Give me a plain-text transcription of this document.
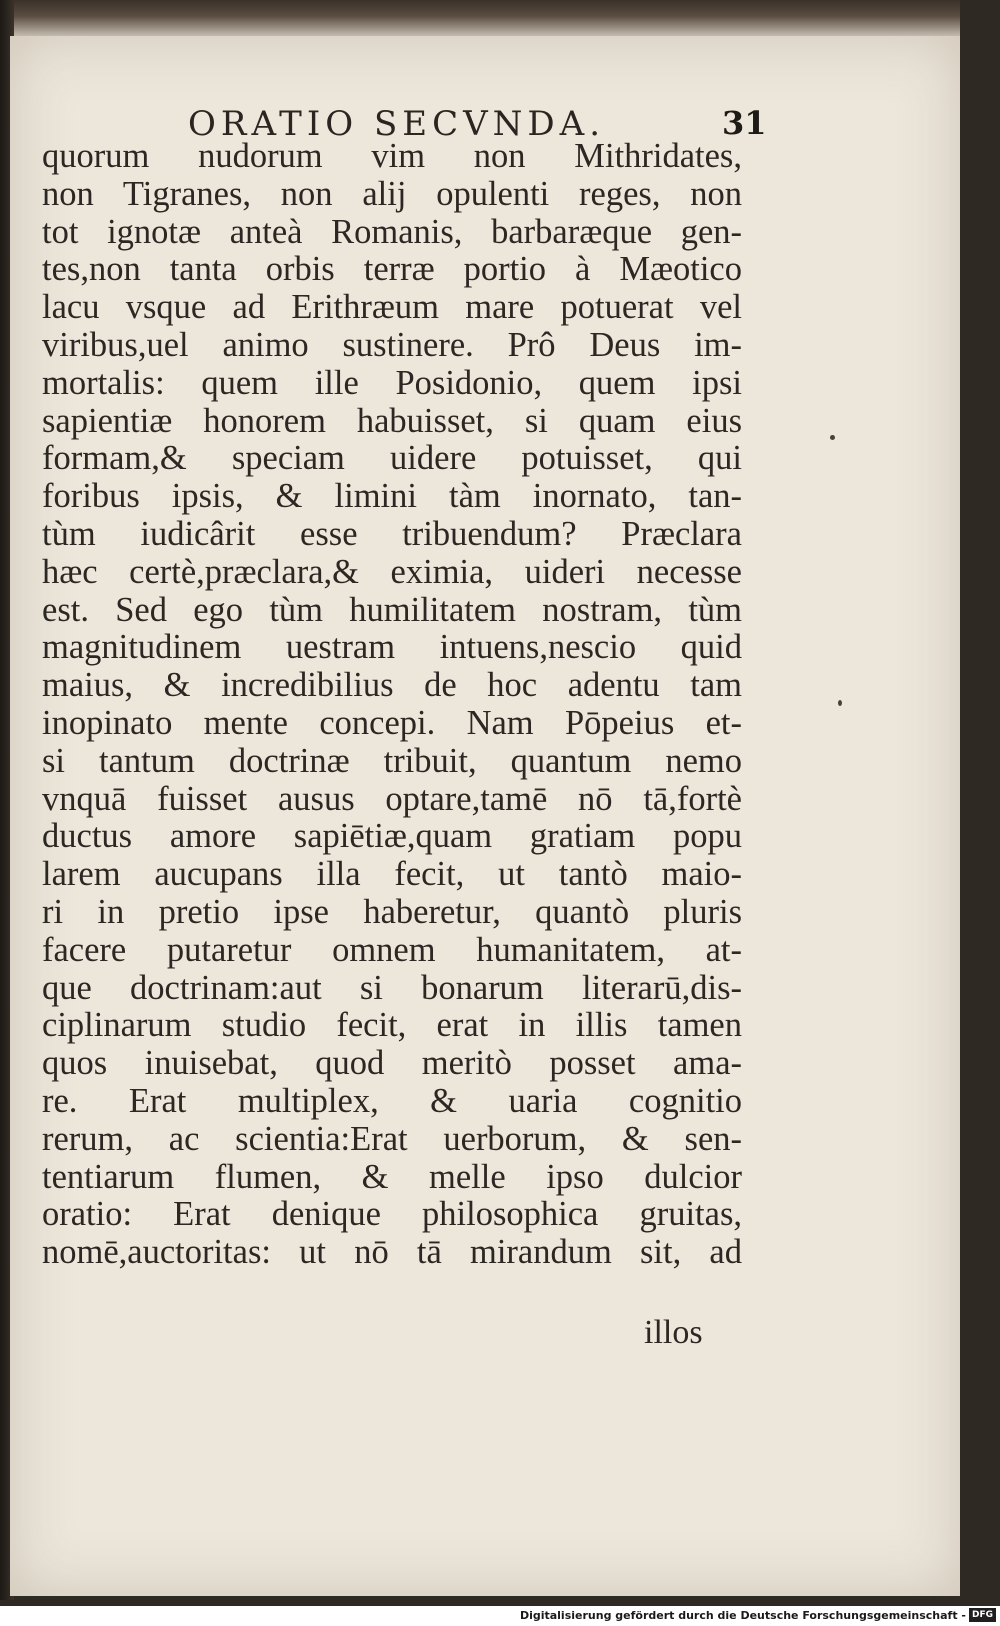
ORATIO SECVNDA.	31
quorum nudorum vim non Mithridates,
non Tigranes, non alij opulenti reges, non
tot ignotæ anteà Romanis, barbaræque gen-
tes,non tanta orbis terræ portio à Mæotico
lacu vsque ad Erithræum mare potuerat vel
viribus,uel animo sustinere. Prô Deus im-
mortalis: quem ille Posidonio, quem ipsi
sapientiæ honorem habuisset, si quam eius
formam,& speciam uidere potuisset, qui
foribus ipsis, & limini tàm inornato, tan-
tùm iudicârit esse tribuendum? Præclara
hæc certè,præclara,& eximia, uideri necesse
est. Sed ego tùm humilitatem nostram, tùm
magnitudinem uestram intuens,nescio quid
maius, & incredibilius de hoc adentu tam
inopinato mente concepi. Nam Pōpeius et-
si tantum doctrinæ tribuit, quantum nemo
vnquā fuisset ausus optare,tamē nō tā,fortè
ductus amore sapiētiæ,quam gratiam popu
larem aucupans illa fecit, ut tantò maio-
ri in pretio ipse haberetur, quantò pluris
facere putaretur omnem humanitatem, at-
que doctrinam:aut si bonarum literarū,dis-
ciplinarum studio fecit, erat in illis tamen
quos inuisebat, quod meritò posset ama-
re. Erat multiplex, & uaria cognitio
rerum, ac scientia:Erat uerborum, & sen-
tentiarum flumen, & melle ipso dulcior
oratio: Erat denique philosophica gruitas,
nomē,auctoritas: ut nō tā mirandum sit, ad
illos
Digitalisierung gefördert durch die Deutsche Forschungsgemeinschaft - DFG
